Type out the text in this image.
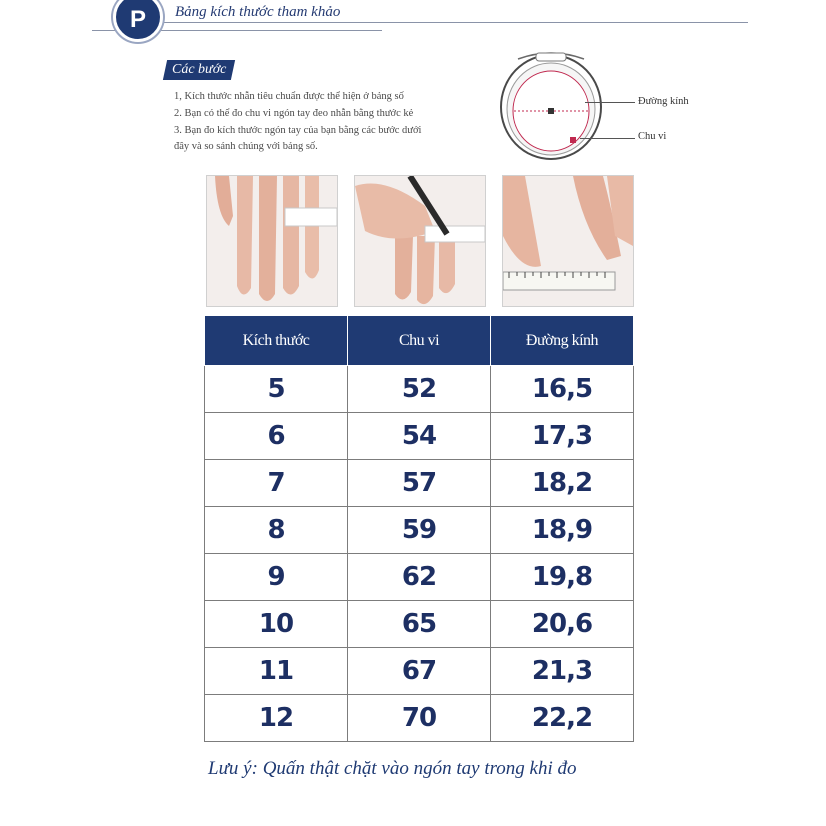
P Bảng kích thước tham khảo
Các bước
1, Kích thước nhẫn tiêu chuẩn được thể hiện ở bảng số
2. Bạn có thể đo chu vi ngón tay đeo nhẫn bằng thước kẻ
3. Bạn đo kích thước ngón tay của bạn bằng các bước dưới
đây và so sánh chúng với bảng số.
Đường kính
Chu vi
Kích thước	Chu vi	Đường kính
5	52	16,5
6	54	17,3
7	57	18,2
8	59	18,9
9	62	19,8
10	65	20,6
11	67	21,3
12	70	22,2
Lưu ý: Quấn thật chặt vào ngón tay trong khi đo
